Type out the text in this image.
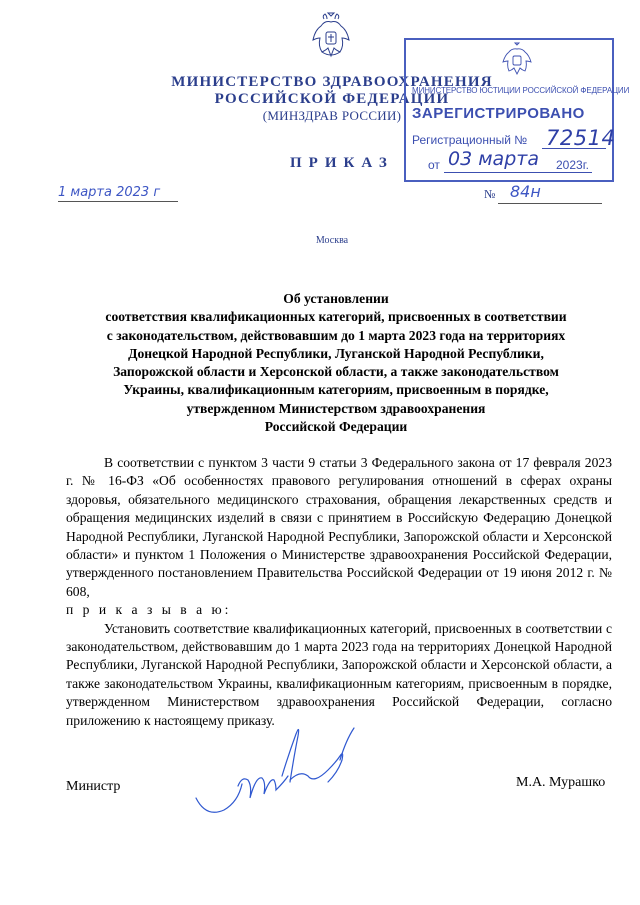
МИНИСТЕРСТВО ЗДРАВООХРАНЕНИЯ
РОССИЙСКОЙ ФЕДЕРАЦИИ
(МИНЗДРАВ РОССИИ)
ПРИКАЗ
МИНИСТЕРСТВО ЮСТИЦИИ РОССИЙСКОЙ ФЕДЕРАЦИИ
ЗАРЕГИСТРИРОВАНО
Регистрационный № 72514
от 03 марта 2023г.
1 марта 2023 г	№ 84н
Москва
Об установлении
соответствия квалификационных категорий, присвоенных в соответствии
с законодательством, действовавшим до 1 марта 2023 года на территориях
Донецкой Народной Республики, Луганской Народной Республики,
Запорожской области и Херсонской области, а также законодательством
Украины, квалификационным категориям, присвоенным в порядке,
утвержденном Министерством здравоохранения
Российской Федерации

В соответствии с пунктом 3 части 9 статьи 3 Федерального закона от 17 февраля 2023 г. № 16-ФЗ «Об особенностях правового регулирования отношений в сферах охраны здоровья, обязательного медицинского страхования, обращения лекарственных средств и обращения медицинских изделий в связи с принятием в Российскую Федерацию Донецкой Народной Республики, Луганской Народной Республики, Запорожской области и Херсонской области» и пунктом 1 Положения о Министерстве здравоохранения Российской Федерации, утвержденного постановлением Правительства Российской Федерации от 19 июня 2012 г. № 608,

п р и к а з ы в а ю:

Установить соответствие квалификационных категорий, присвоенных в соответствии с законодательством, действовавшим до 1 марта 2023 года на территориях Донецкой Народной Республики, Луганской Народной Республики, Запорожской области и Херсонской области, а также законодательством Украины, квалификационным категориям, присвоенным в порядке, утвержденном Министерством здравоохранения Российской Федерации, согласно приложению к настоящему приказу.

Министр	М.А. Мурашко
